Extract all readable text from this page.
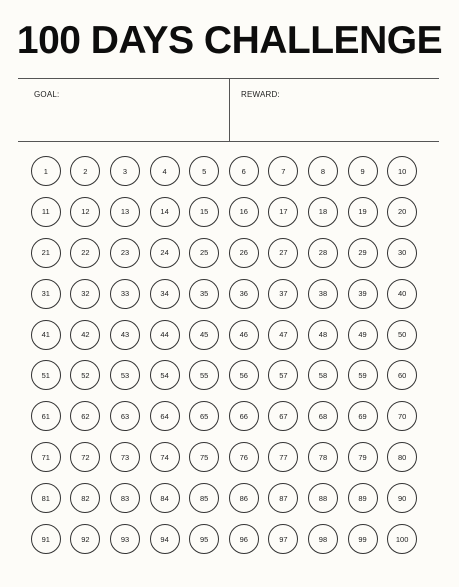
100 DAYS CHALLENGE
GOAL:	REWARD:
1	2	3	4	5	6	7	8	9	10
11	12	13	14	15	16	17	18	19	20
21	22	23	24	25	26	27	28	29	30
31	32	33	34	35	36	37	38	39	40
41	42	43	44	45	46	47	48	49	50
51	52	53	54	55	56	57	58	59	60
61	62	63	64	65	66	67	68	69	70
71	72	73	74	75	76	77	78	79	80
81	82	83	84	85	86	87	88	89	90
91	92	93	94	95	96	97	98	99	100
